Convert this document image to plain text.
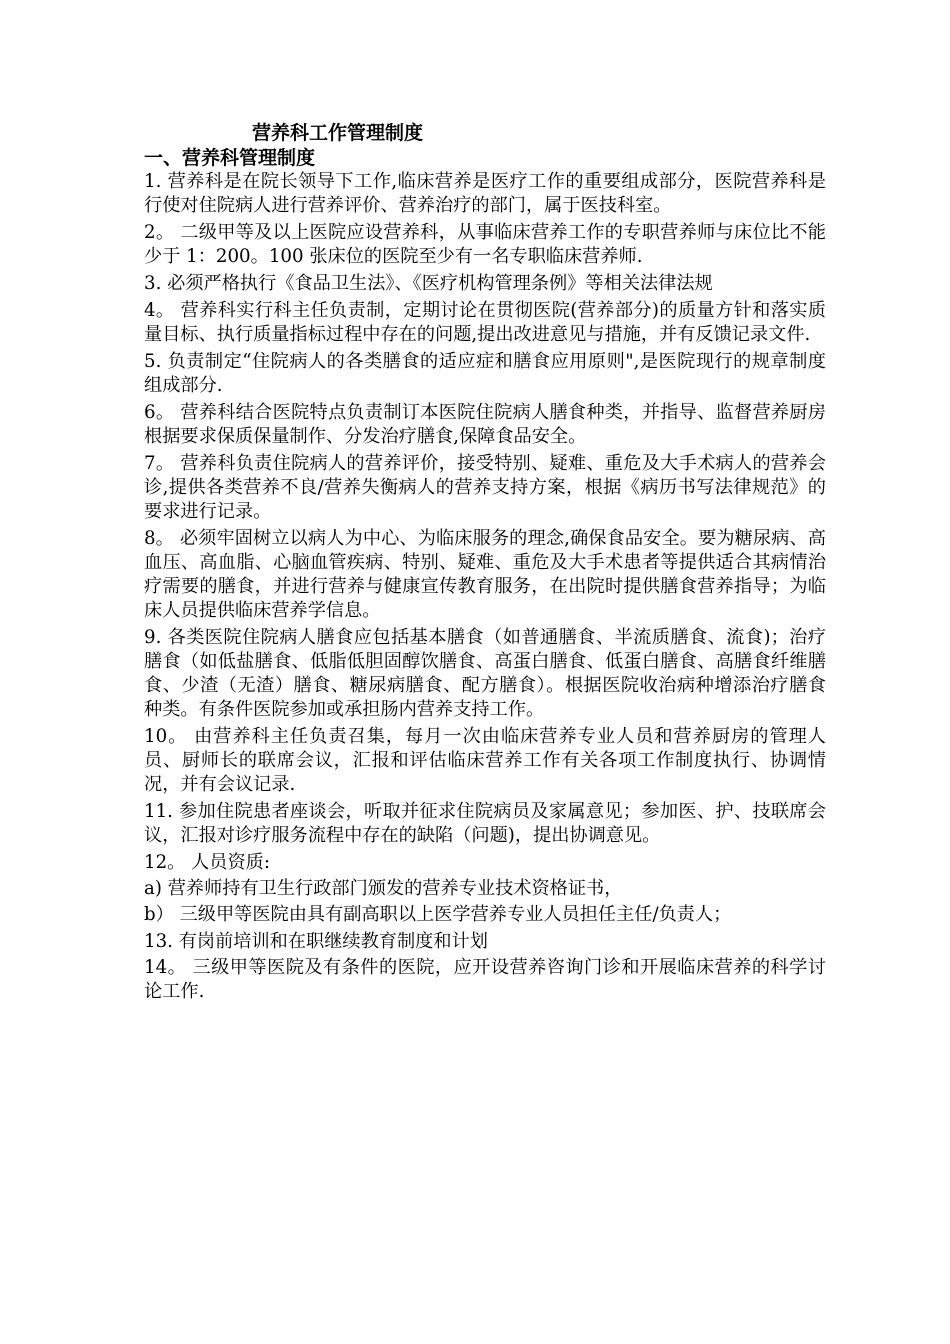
营养科工作管理制度
一、营养科管理制度

1. 营养科是在院长领导下工作,临床营养是医疗工作的重要组成部分，医院营养科是行使对住院病人进行营养评价、营养治疗的部门，属于医技科室。

2。 二级甲等及以上医院应设营养科，从事临床营养工作的专职营养师与床位比不能少于 1：200。100 张床位的医院至少有一名专职临床营养师.

3. 必须严格执行《食品卫生法》、《医疗机构管理条例》等相关法律法规

4。 营养科实行科主任负责制，定期讨论在贯彻医院(营养部分)的质量方针和落实质量目标、执行质量指标过程中存在的问题,提出改进意见与措施，并有反馈记录文件.

5. 负责制定“住院病人的各类膳食的适应症和膳食应用原则",是医院现行的规章制度组成部分.

6。 营养科结合医院特点负责制订本医院住院病人膳食种类，并指导、监督营养厨房根据要求保质保量制作、分发治疗膳食,保障食品安全。

7。 营养科负责住院病人的营养评价，接受特别、疑难、重危及大手术病人的营养会诊,提供各类营养不良/营养失衡病人的营养支持方案，根据《病历书写法律规范》的要求进行记录。

8。 必须牢固树立以病人为中心、为临床服务的理念,确保食品安全。要为糖尿病、高血压、高血脂、心脑血管疾病、特别、疑难、重危及大手术患者等提供适合其病情治疗需要的膳食，并进行营养与健康宣传教育服务，在出院时提供膳食营养指导；为临床人员提供临床营养学信息。

9. 各类医院住院病人膳食应包括基本膳食（如普通膳食、半流质膳食、流食)；治疗膳食（如低盐膳食、低脂低胆固醇饮膳食、高蛋白膳食、低蛋白膳食、高膳食纤维膳食、少渣（无渣）膳食、糖尿病膳食、配方膳食）。根据医院收治病种增添治疗膳食种类。有条件医院参加或承担肠内营养支持工作。

10。 由营养科主任负责召集，每月一次由临床营养专业人员和营养厨房的管理人员、厨师长的联席会议，汇报和评估临床营养工作有关各项工作制度执行、协调情况，并有会议记录.

11. 参加住院患者座谈会，听取并征求住院病员及家属意见；参加医、护、技联席会议，汇报对诊疗服务流程中存在的缺陷（问题)，提出协调意见。

12。 人员资质:

a) 营养师持有卫生行政部门颁发的营养专业技术资格证书，

b） 三级甲等医院由具有副高职以上医学营养专业人员担任主任/负责人；

13. 有岗前培训和在职继续教育制度和计划

14。 三级甲等医院及有条件的医院，应开设营养咨询门诊和开展临床营养的科学讨论工作.
